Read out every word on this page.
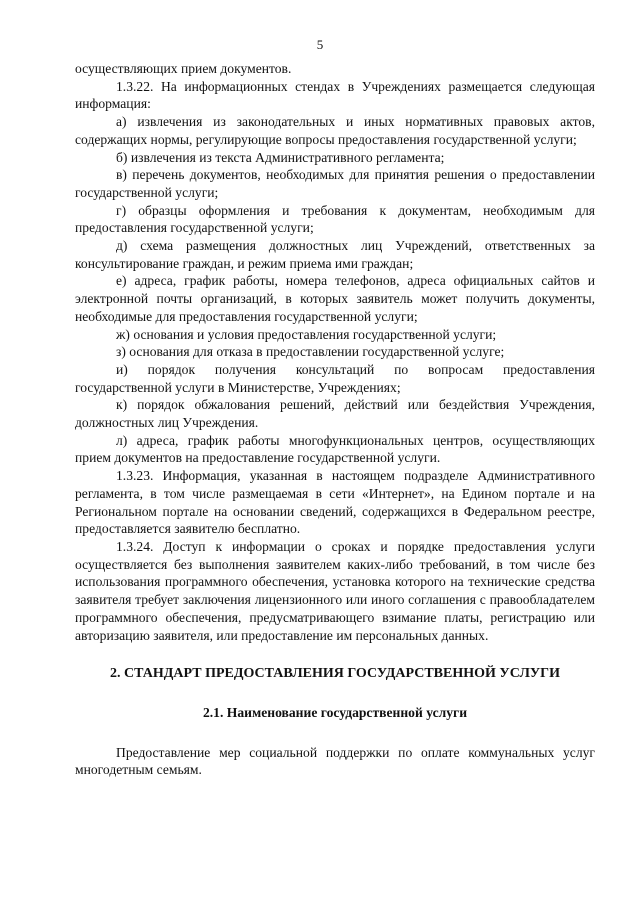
5

осуществляющих прием документов.

1.3.22. На информационных стендах в Учреждениях размещается следующая информация:

а) извлечения из законодательных и иных нормативных правовых актов, содержащих нормы, регулирующие вопросы предоставления государственной услуги;

б) извлечения из текста Административного регламента;

в) перечень документов, необходимых для принятия решения о предоставлении государственной услуги;

г) образцы оформления и требования к документам, необходимым для предоставления государственной услуги;

д) схема размещения должностных лиц Учреждений, ответственных за консультирование граждан, и режим приема ими граждан;

е) адреса, график работы, номера телефонов, адреса официальных сайтов и электронной почты организаций, в которых заявитель может получить документы, необходимые для предоставления государственной услуги;

ж) основания и условия предоставления государственной услуги;

з) основания для отказа в предоставлении государственной услуге;

и) порядок получения консультаций по вопросам предоставления государственной услуги в Министерстве, Учреждениях;

к) порядок обжалования решений, действий или бездействия Учреждения, должностных лиц Учреждения.

л) адреса, график работы многофункциональных центров, осуществляющих прием документов на предоставление государственной услуги.

1.3.23. Информация, указанная в настоящем подразделе Административного регламента, в том числе размещаемая в сети «Интернет», на Едином портале и на Региональном портале на основании сведений, содержащихся в Федеральном реестре, предоставляется заявителю бесплатно.

1.3.24. Доступ к информации о сроках и порядке предоставления услуги осуществляется без выполнения заявителем каких-либо требований, в том числе без использования программного обеспечения, установка которого на технические средства заявителя требует заключения лицензионного или иного соглашения с правообладателем программного обеспечения, предусматривающего взимание платы, регистрацию или авторизацию заявителя, или предоставление им персональных данных.

2. СТАНДАРТ ПРЕДОСТАВЛЕНИЯ ГОСУДАРСТВЕННОЙ УСЛУГИ
2.1. Наименование государственной услуги

Предоставление мер социальной поддержки по оплате коммунальных услуг многодетным семьям.
